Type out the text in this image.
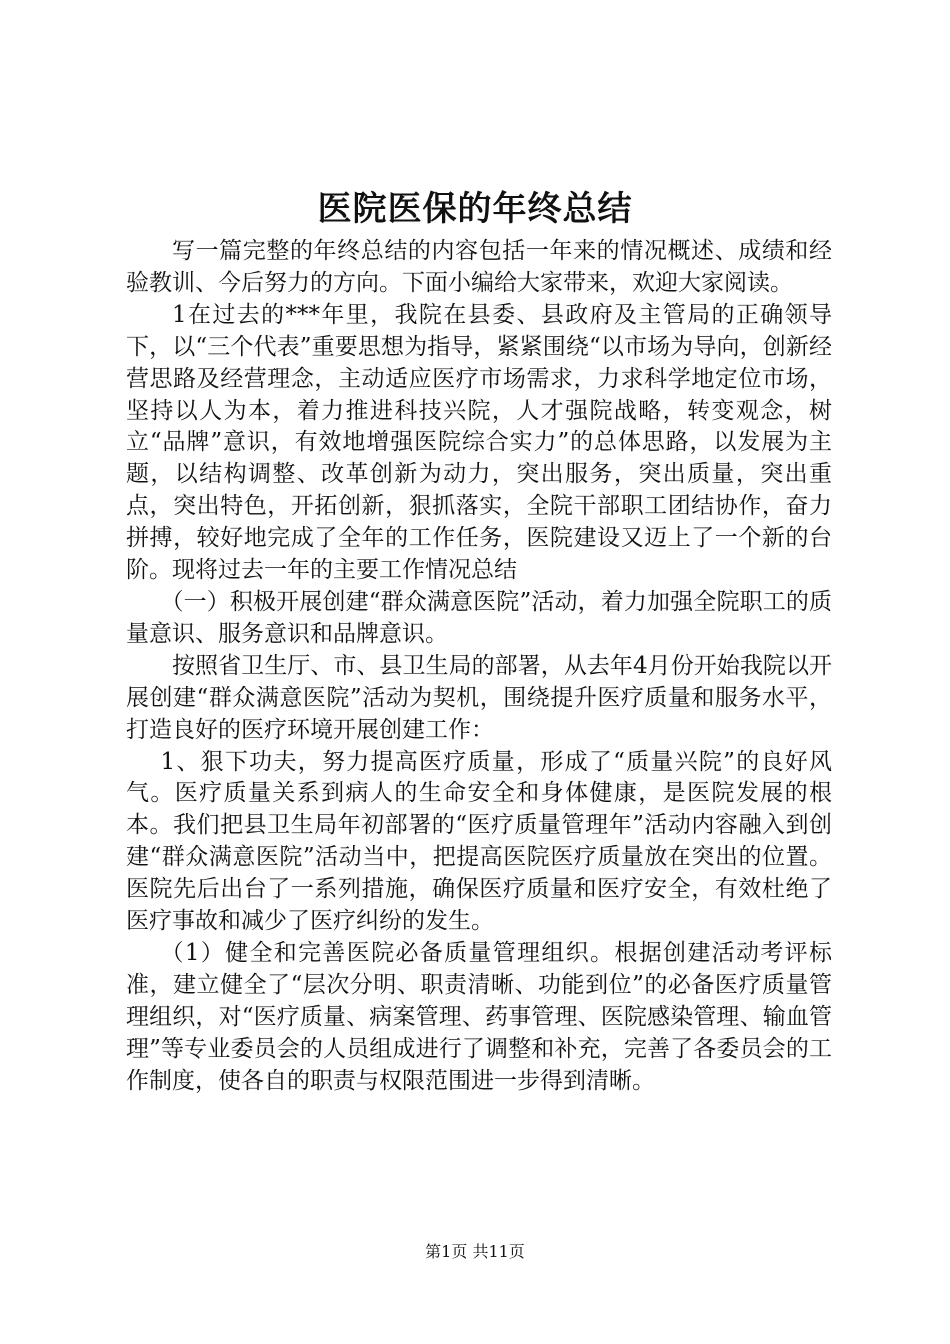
医院医保的年终总结

写一篇完整的年终总结的内容包括一年来的情况概述、成绩和经验教训、今后努力的方向。下面小编给大家带来，欢迎大家阅读。

1在过去的***年里，我院在县委、县政府及主管局的正确领导下，以“三个代表”重要思想为指导，紧紧围绕“以市场为导向，创新经营思路及经营理念，主动适应医疗市场需求，力求科学地定位市场，坚持以人为本，着力推进科技兴院，人才强院战略，转变观念，树立“品牌”意识，有效地增强医院综合实力”的总体思路，以发展为主题，以结构调整、改革创新为动力，突出服务，突出质量，突出重点，突出特色，开拓创新，狠抓落实，全院干部职工团结协作，奋力拼搏，较好地完成了全年的工作任务，医院建设又迈上了一个新的台阶。现将过去一年的主要工作情况总结

（一）积极开展创建“群众满意医院”活动，着力加强全院职工的质量意识、服务意识和品牌意识。

按照省卫生厅、市、县卫生局的部署，从去年4月份开始我院以开展创建“群众满意医院”活动为契机，围绕提升医疗质量和服务水平，打造良好的医疗环境开展创建工作：

1、狠下功夫，努力提高医疗质量，形成了“质量兴院”的良好风气。医疗质量关系到病人的生命安全和身体健康，是医院发展的根本。我们把县卫生局年初部署的“医疗质量管理年”活动内容融入到创建“群众满意医院”活动当中，把提高医院医疗质量放在突出的位置。医院先后出台了一系列措施，确保医疗质量和医疗安全，有效杜绝了医疗事故和减少了医疗纠纷的发生。

（1）健全和完善医院必备质量管理组织。根据创建活动考评标准，建立健全了“层次分明、职责清晰、功能到位”的必备医疗质量管理组织，对“医疗质量、病案管理、药事管理、医院感染管理、输血管理”等专业委员会的人员组成进行了调整和补充，完善了各委员会的工作制度，使各自的职责与权限范围进一步得到清晰。

第1页 共11页
